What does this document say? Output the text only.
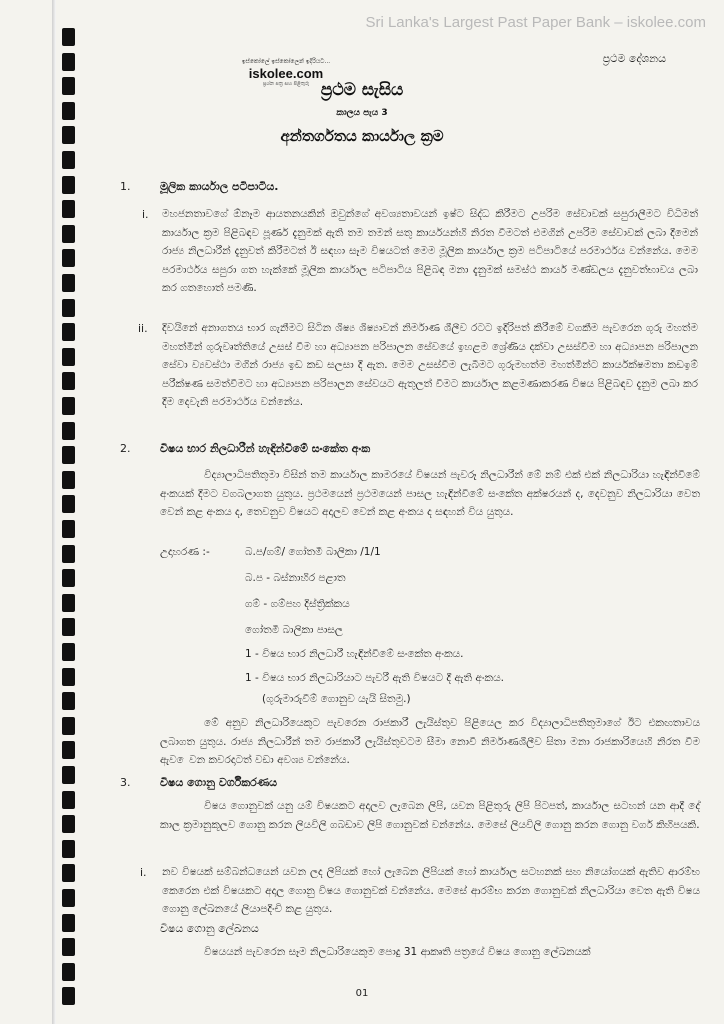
Sri Lanka's Largest Past Paper Bank – iskolee.com
ප්‍රථම දේශනය
ඉස්කෝලේ ඉස්කෝලෙන් ඉදිරියට...
iskolee.com
ප්‍රශ්න පත්‍ර සහ පිළිතුරු ප්‍රථම සැසිය
කාලය පැය 3
අන්තර්ගතය කාර්යාල ක්‍රම
1.	මූලික කාර්යාල පටිපාටිය.
i. මහජනතාවගේ ඕනෑම ආයතනයකින් ඔවුන්ගේ අවශ්‍යතාවයන් ඉෂ්ට සිද්ධ කිරීමට උපරිම සේවාවක් සපුරාලීමට විධිමත් කාර්යාල ක්‍රම පිළිබඳව පූර්ණ දැනුමක් ඇති තම තමන් සතු කාර්යයන්හි නිරත වීමටත් එමගින් උපරිම සේවාවක් ලබා දීමෙන් රාජ්‍ය නිලධාරීන් දැනුවත් කිරීමටත් ඊ සඳහා සෑම විෂයටත් මෙම මූලික කාර්යාල ක්‍රම පටිපාටියේ පරමාර්ථය වන්නේය. මෙම පරමාර්ථය සපුරා ගත හැක්කේ මූලික කාර්යාල පටිපාටිය පිළිබඳ මනා දැනුමක් සමස්ථ කාර්ය මණ්ඩලය දැනුවත්භාවය ලබා කර ගතහොත් පමණි.
ii. දිවයිනේ අනාගතය භාර ගැනීමට සිටින ශිෂ්‍ය ශිෂ්‍යාවන් නිර්මාණ ශීලීව රටට ඉදිරිපත් කිරීමේ වගකීම පැවරෙන ගුරු මහත්ම මහත්මීන් ගුරුවෘත්තියේ උසස් වීම හා අධ්‍යාපන පරිපාලන සේවයේ ඉහළම ශ්‍රේණිය දක්වා උසස්වීම හා අධ්‍යාපන පරිපාලන සේවා ව්‍යවස්ථා මගින් රාජ්‍ය ඉඩ කඩ සලසා දී ඇත. මෙම උසස්වීම ලැබීමට ගුරුමහත්ම මහත්මීන්ට කාර්යක්ෂමතා කඩඉම් පරීක්ෂණ සමත්වීමට හා අධ්‍යාපන පරිපාලන සේවයට ඇතුලත් වීමට කාර්යාල කළමණාකරණ විෂය පිළිබඳව දැනුම ලබා කර දීම දෙවැනි පරමාර්ථය වන්නේය.
2.	විෂය භාර නිලධාරීන් හැඳින්වීමේ සංකේත අංක
විද්‍යාලාධිපතිතුමා විසින් තම කාර්යාල කාමරයේ විෂයන් පැවරූ නිලධාරීන් මේ නම් එක් එක් නිලධාරියා හැඳින්වීමේ අංකයක් දීමට වගබලාගත යුතුය. ප්‍රථමයෙන් ප්‍රථමයෙන් පාසල හැඳින්වීමේ සංකේත අක්ෂරයන් ද, දෙවනුව නිලධාරියා වෙත වෙන් කළ අංකය ද, තෙවනුව විෂයට අදාලව වෙන් කළ අංකය ද සඳහන් විය යුතුය.
උදාහරණ :-	බ.ප/ගම්/ ගෝතමී බාලිකා /1/1
බ.ප - බස්නාහිර පළාත
ගම් - ගම්පහ දිස්ත්‍රික්කය
ගෝතමී බාලිකා පාසල
1 - විෂය භාර නිලධාරී හැඳින්වීමේ සංකේත අංකය.
1 - විෂය භාර නිලධාරියාට පැවරී ඇති විෂයට දී ඇති අංකය.
(ගුරුමාරුවීම් ගොනුව යැයි සිතමු.)
මේ අනුව නිලධාරියෙකුට පැවරෙන රාජකාරී ලැයිස්තුව පිළියෙල කර විද්‍යාලාධිපතිතුමාගේ ඊට එකඟතාවය ලබාගත යුතුය. රාජ්‍ය නිලධාරීන් තම රාජකාරී ලැයිස්තුවටම සීමා නොවී නිර්මාණශීලීව සිතා මනා රාජකාරියෙහි නිරත වීම ඇව ෙවන කවරදාටත් වඩා අවශ්‍ය වන්නේය.
3.	විෂය ගොනු වර්ගීකරණය
විෂය ගොනුවක් යනු යම් විෂයකට අදාලව ලැබෙන ලිපි, යවන පිළිතුරු ලිපි පිටපත්, කාර්යාල සටහන් යන ආදී දේ කාල ක්‍රමානුකූලව ගොනු කරන ලියවිලි ගබඩාව ලිපි ගොනුවක් වන්නේය. මෙසේ ලියවිලි ගොනු කරන ගොනු වර්ග කිහිපයකි.
i. නව විෂයක් සම්බන්ධයෙන් යවන ලද ලිපියක් හෝ ලැබෙන ලිපියක් හෝ කාර්යාල සටහනක් සහ නියෝගයක් ඇතිව ආරම්භ කෙරෙන එක් විෂයකට අදාල ගොනු විෂය ගොනුවක් වන්නේය. මෙසේ ආරම්භ කරන ගොනුවක් නිලධාරියා වෙත ඇති විෂය ගොනු ලේඛනයේ ලියාපදිංචි කළ යුතුය.
විෂය ගොනු ලේඛනය
විෂයයන් පැවරෙන සෑම නිලධාරියෙකුම පොදු 31 ආකෘති පත්‍රයේ විෂය ගොනු ලේඛනයක්
01
